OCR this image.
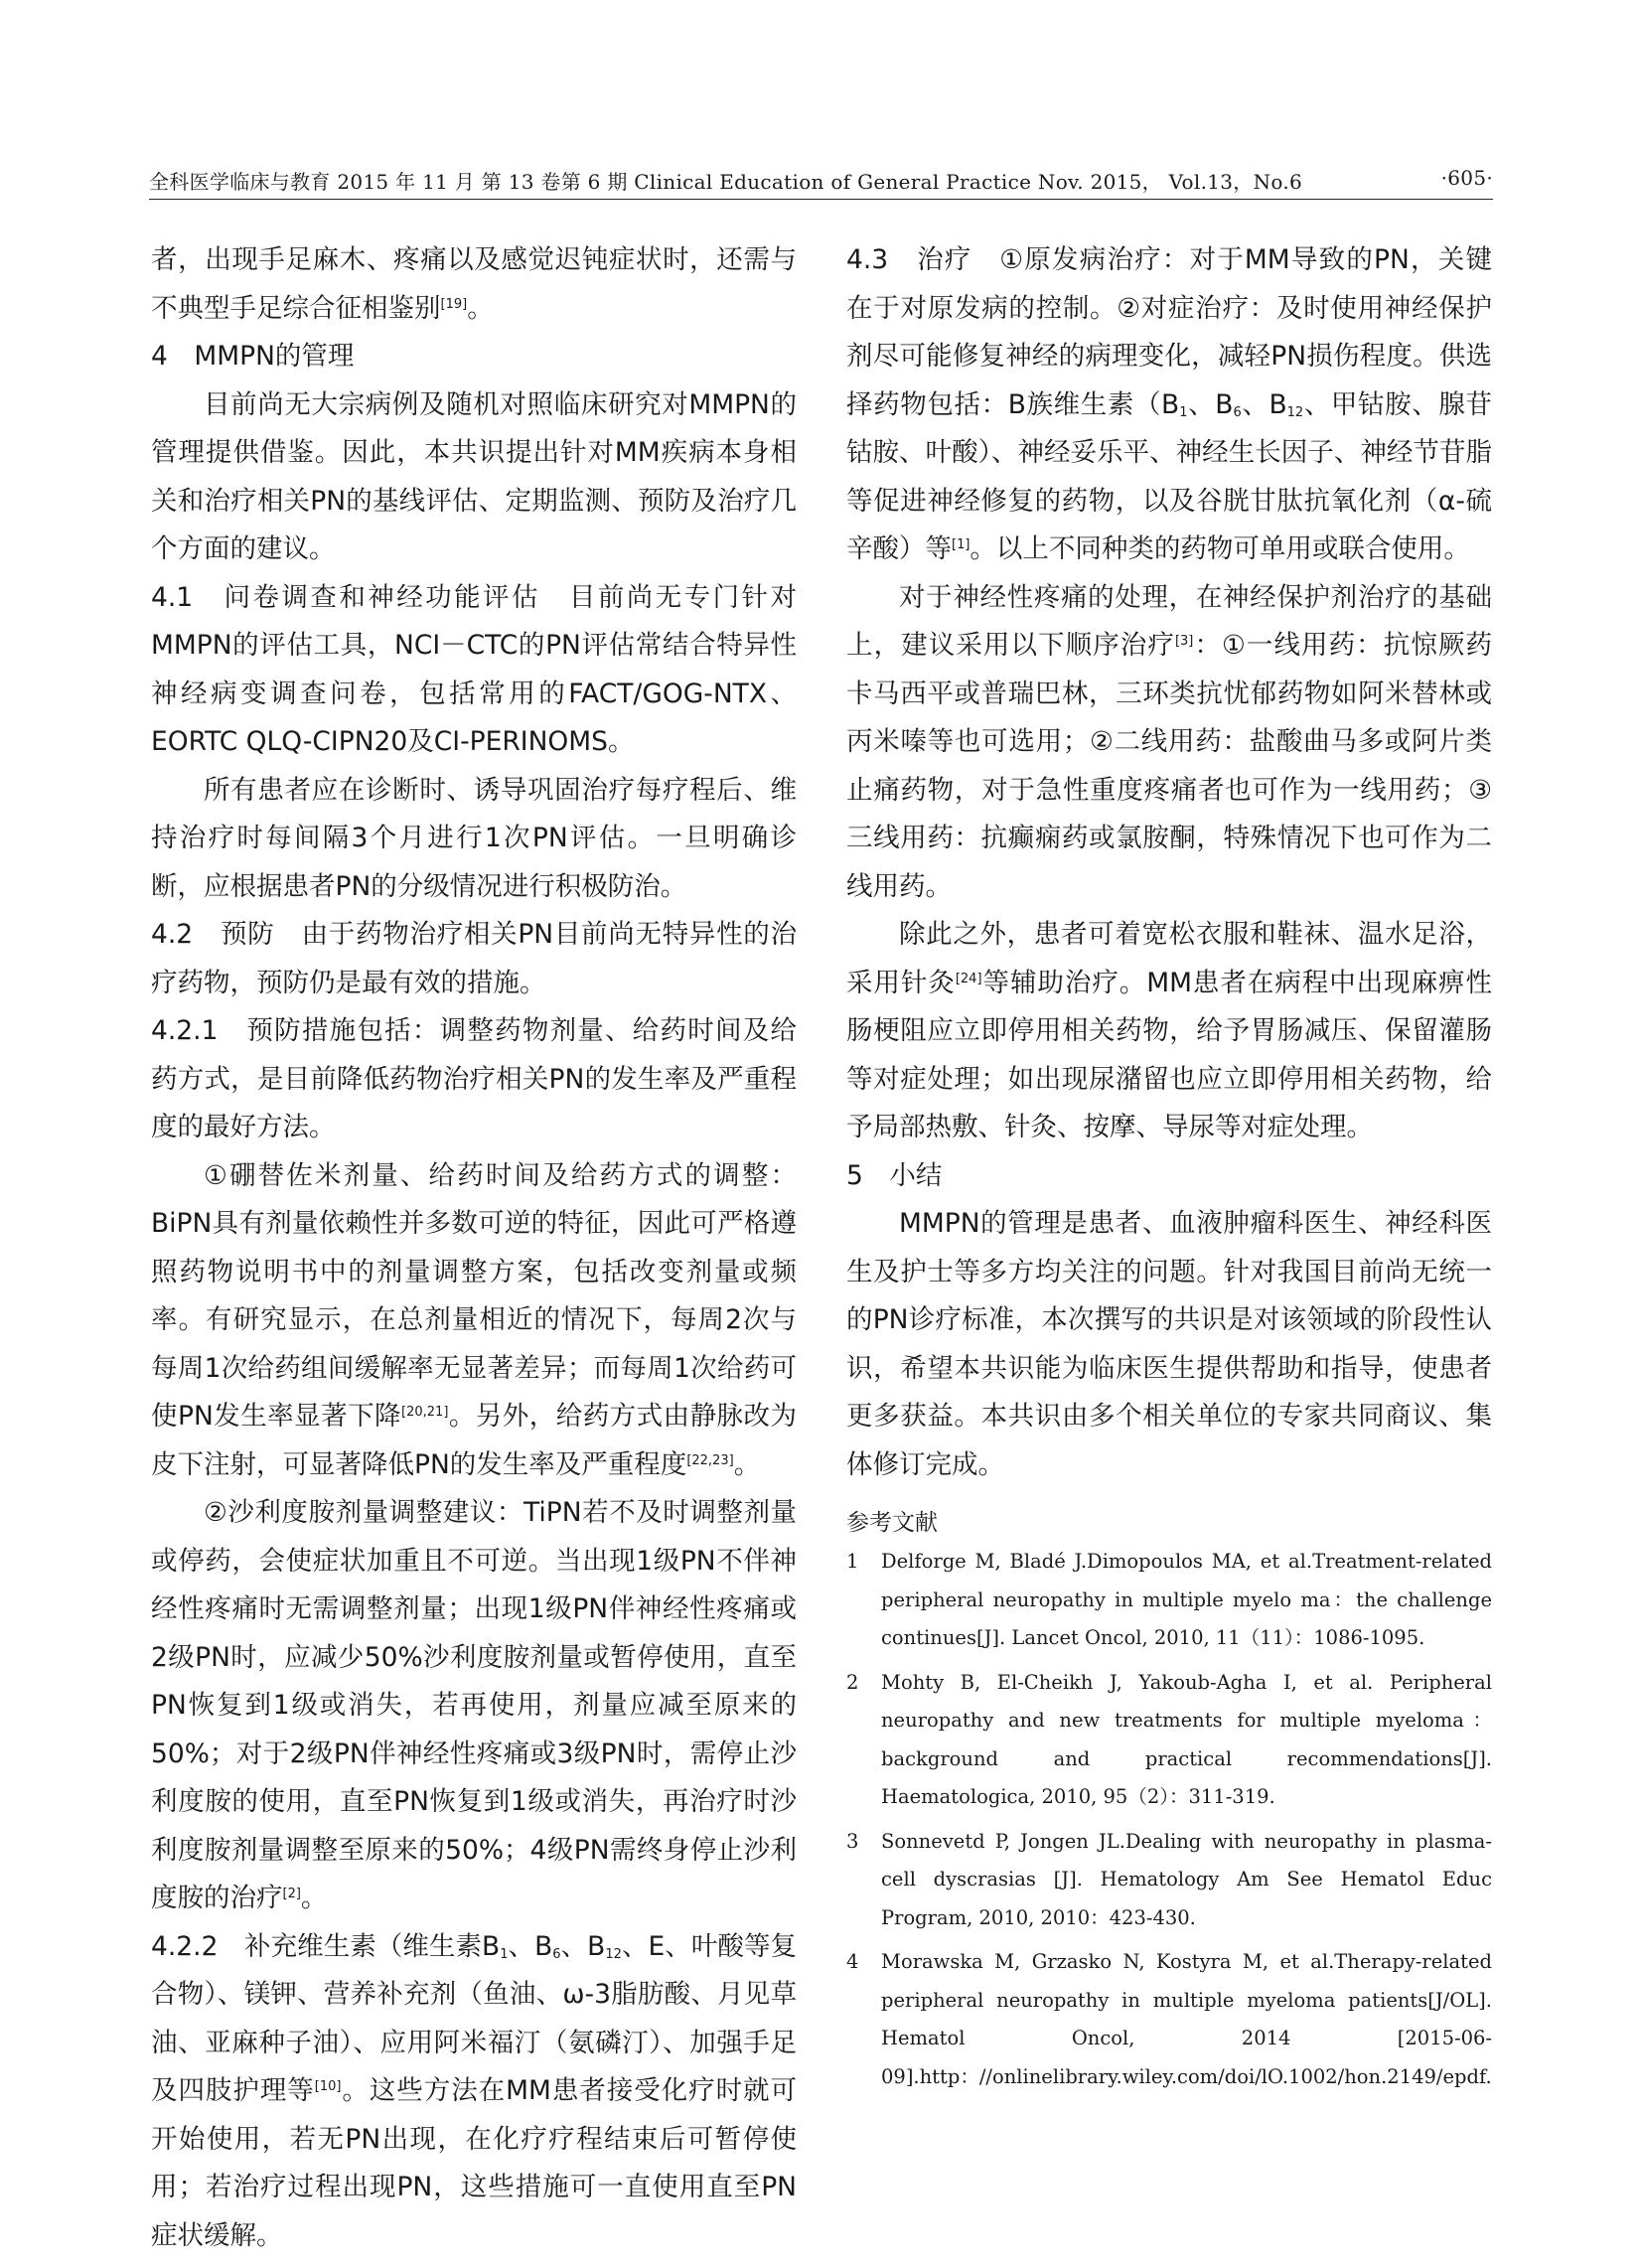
全科医学临床与教育 2015 年 11 月 第 13 卷第 6 期 Clinical Education of General Practice Nov. 2015， Vol.13，No.6	·605·

者，出现手足麻木、疼痛以及感觉迟钝症状时，还需与不典型手足综合征相鉴别[19]。

4　MMPN的管理

目前尚无大宗病例及随机对照临床研究对MMPN的管理提供借鉴。因此，本共识提出针对MM疾病本身相关和治疗相关PN的基线评估、定期监测、预防及治疗几个方面的建议。

4.1　问卷调查和神经功能评估　目前尚无专门针对MMPN的评估工具，NCI－CTC的PN评估常结合特异性神经病变调查问卷，包括常用的FACT/GOG-NTX、EORTC QLQ-CIPN20及CI-PERINOMS。

所有患者应在诊断时、诱导巩固治疗每疗程后、维持治疗时每间隔3个月进行1次PN评估。一旦明确诊断，应根据患者PN的分级情况进行积极防治。

4.2　预防　由于药物治疗相关PN目前尚无特异性的治疗药物，预防仍是最有效的措施。

4.2.1　预防措施包括：调整药物剂量、给药时间及给药方式，是目前降低药物治疗相关PN的发生率及严重程度的最好方法。

①硼替佐米剂量、给药时间及给药方式的调整：BiPN具有剂量依赖性并多数可逆的特征，因此可严格遵照药物说明书中的剂量调整方案，包括改变剂量或频率。有研究显示，在总剂量相近的情况下，每周2次与每周1次给药组间缓解率无显著差异；而每周1次给药可使PN发生率显著下降[20,21]。另外，给药方式由静脉改为皮下注射，可显著降低PN的发生率及严重程度[22,23]。

②沙利度胺剂量调整建议：TiPN若不及时调整剂量或停药，会使症状加重且不可逆。当出现1级PN不伴神经性疼痛时无需调整剂量；出现1级PN伴神经性疼痛或2级PN时，应减少50%沙利度胺剂量或暂停使用，直至PN恢复到1级或消失，若再使用，剂量应减至原来的50%；对于2级PN伴神经性疼痛或3级PN时，需停止沙利度胺的使用，直至PN恢复到1级或消失，再治疗时沙利度胺剂量调整至原来的50%；4级PN需终身停止沙利度胺的治疗[2]。

4.2.2　补充维生素（维生素$B_1$、$B_6$、$B_{12}$、E、叶酸等复合物）、镁钾、营养补充剂（鱼油、ω-3脂肪酸、月见草油、亚麻种子油）、应用阿米福汀（氨磷汀）、加强手足及四肢护理等[10]。这些方法在MM患者接受化疗时就可开始使用，若无PN出现，在化疗疗程结束后可暂停使用；若治疗过程出现PN，这些措施可一直使用直至PN症状缓解。

4.3　治疗　①原发病治疗：对于MM导致的PN，关键在于对原发病的控制。②对症治疗：及时使用神经保护剂尽可能修复神经的病理变化，减轻PN损伤程度。供选择药物包括：B族维生素（$B_1$、$B_6$、$B_{12}$、甲钴胺、腺苷钴胺、叶酸）、神经妥乐平、神经生长因子、神经节苷脂等促进神经修复的药物，以及谷胱甘肽抗氧化剂（α-硫辛酸）等[1]。以上不同种类的药物可单用或联合使用。

对于神经性疼痛的处理，在神经保护剂治疗的基础上，建议采用以下顺序治疗[3]：①一线用药：抗惊厥药卡马西平或普瑞巴林，三环类抗忧郁药物如阿米替林或丙米嗪等也可选用；②二线用药：盐酸曲马多或阿片类止痛药物，对于急性重度疼痛者也可作为一线用药；③三线用药：抗癫痫药或氯胺酮，特殊情况下也可作为二线用药。

除此之外，患者可着宽松衣服和鞋袜、温水足浴，采用针灸[24]等辅助治疗。MM患者在病程中出现麻痹性肠梗阻应立即停用相关药物，给予胃肠减压、保留灌肠等对症处理；如出现尿潴留也应立即停用相关药物，给予局部热敷、针灸、按摩、导尿等对症处理。

5　小结

MMPN的管理是患者、血液肿瘤科医生、神经科医生及护士等多方均关注的问题。针对我国目前尚无统一的PN诊疗标准，本次撰写的共识是对该领域的阶段性认识，希望本共识能为临床医生提供帮助和指导，使患者更多获益。本共识由多个相关单位的专家共同商议、集体修订完成。

参考文献

1 Delforge M, Bladé J.Dimopoulos MA, et al.Treatment-related peripheral neuropathy in multiple myelo ma：the challenge continues[J]. Lancet Oncol, 2010, 11（11）：1086-1095.
2 Mohty B, El-Cheikh J, Yakoub-Agha I, et al. Peripheral neuropathy and new treatments for multiple myeloma：background and practical recommendations[J]. Haematologica, 2010, 95（2）：311-319.
3 Sonnevetd P, Jongen JL.Dealing with neuropathy in plasma-cell dyscrasias [J]. Hematology Am See Hematol Educ Program, 2010, 2010：423-430.
4 Morawska M, Grzasko N, Kostyra M, et al.Therapy-related peripheral neuropathy in multiple myeloma patients[J/OL]. Hematol Oncol, 2014 [2015-06-09].http：//onlinelibrary.wiley.com/doi/lO.1002/hon.2149/epdf.
